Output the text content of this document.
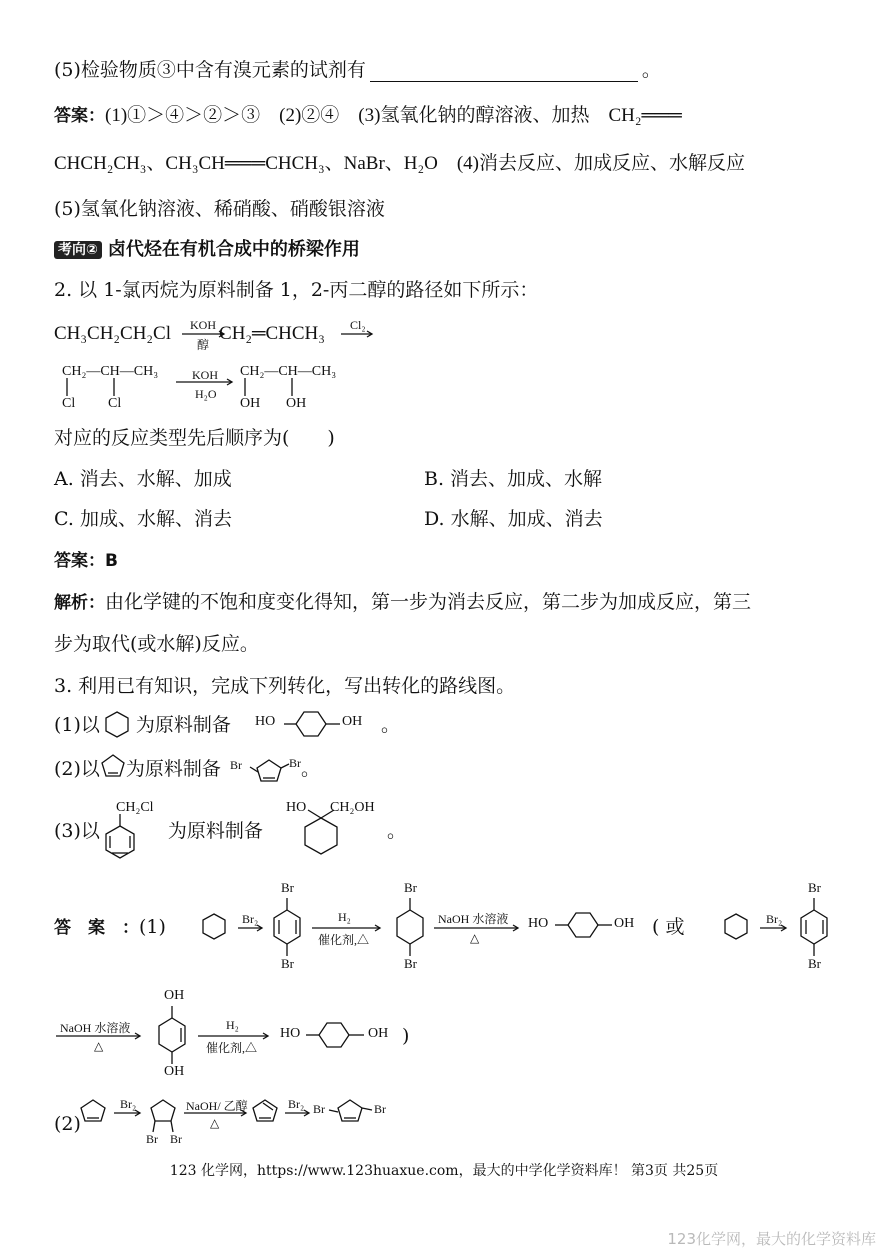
(5)检验物质③中含有溴元素的试剂有	。
答案：(1)①＞④＞②＞③　(2)②④　(3)氢氧化钠的醇溶液、加热　CH₂═══
CHCH₂CH₃、CH₃CH═══CHCH₃、NaBr、H₂O　(4)消去反应、加成反应、水解反应
(5)氢氧化钠溶液、稀硝酸、硝酸银溶液
考向② 卤代烃在有机合成中的桥梁作用
2. 以 1-氯丙烷为原料制备 1，2-丙二醇的路径如下所示：
CH₃CH₂CH₂Cl	CH₂═CHCH₃
KOH
醇
Cl₂
CH₂—CH—CH₃
Cl Cl
KOH
H₂O
CH₂—CH—CH₃
OH OH
对应的反应类型先后顺序为(　　)
A. 消去、水解、加成	B. 消去、加成、水解
C. 加成、水解、消去	D. 水解、加成、消去
答案：B
解析：由化学键的不饱和度变化得知，第一步为消去反应，第二步为加成反应，第三
步为取代(或水解)反应。
3. 利用已有知识，完成下列转化，写出转化的路线图。
(1)以 为原料制备	。
(2)以 为原料制备	。
(3)以	为原料制备	。
HO	OH
Br	Br
CH₂Cl	HO CH₂OH
答　案　：(1)	( 或
)
(2)
Br
Br
Br₂	H₂
催化剂,△
Br
Br
NaOH 水溶液
△
HO	OH	Br₂
Br
Br
NaOH 水溶液
△
OH
OH
H₂
催化剂,△
HO	OH
Br₂
Br Br
NaOH/ 乙醇
△
Br₂ Br	Br
123 化学网，https://www.123huaxue.com，最大的中学化学资料库！ 第3页 共25页
123化学网，最大的化学资料库
